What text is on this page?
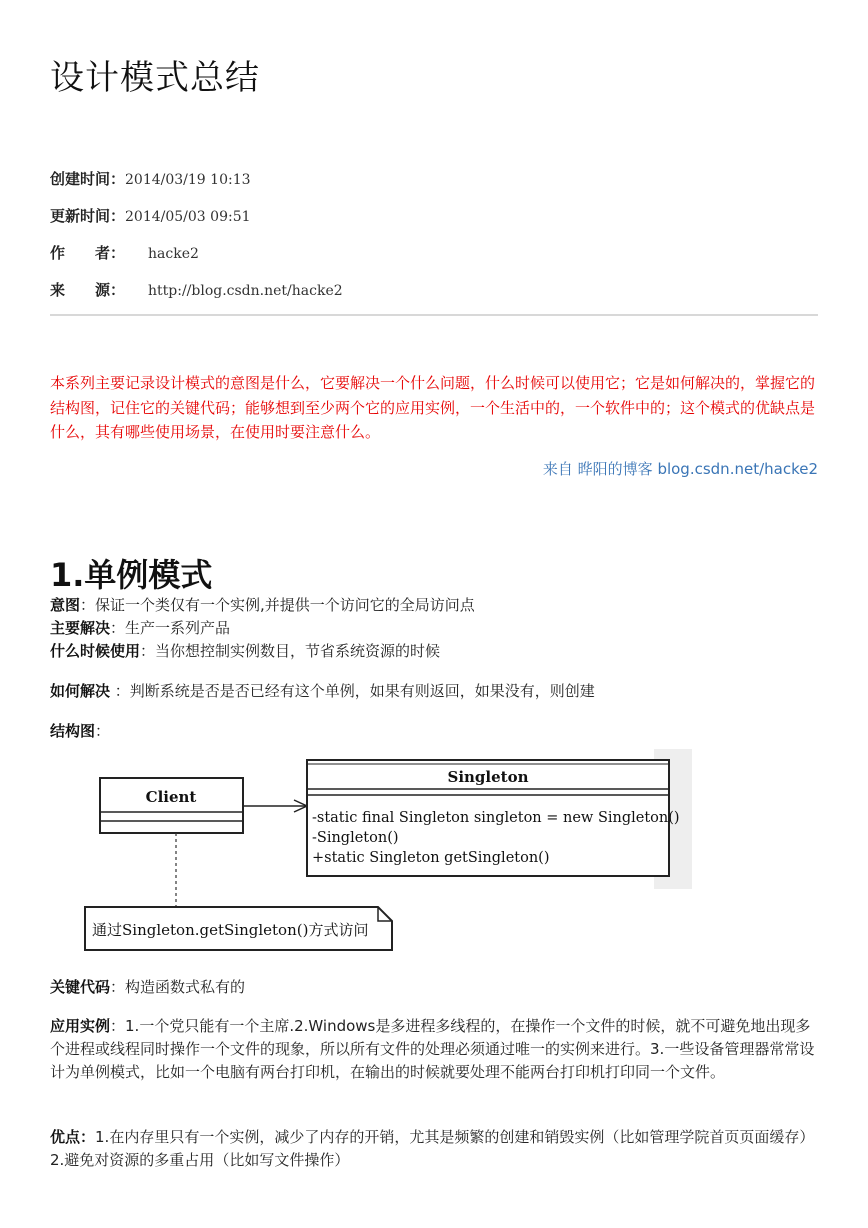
设计模式总结
创建时间：2014/03/19 10:13
更新时间：2014/05/03 09:51
作　　者： hacke2
来　　源： http://blog.csdn.net/hacke2
本系列主要记录设计模式的意图是什么，它要解决一个什么问题，什么时候可以使用它；它是如何解决的，掌握它的结构图，记住它的关键代码；能够想到至少两个它的应用实例，一个生活中的，一个软件中的；这个模式的优缺点是什么，其有哪些使用场景，在使用时要注意什么。
来自 晔阳的博客 blog.csdn.net/hacke2
1.单例模式
意图：保证一个类仅有一个实例,并提供一个访问它的全局访问点
主要解决：生产一系列产品
什么时候使用：当你想控制实例数目，节省系统资源的时候
如何解决 ：判断系统是否是否已经有这个单例，如果有则返回，如果没有，则创建
结构图：
Client
Singleton
-static final Singleton singleton = new Singleton()
-Singleton()
+static Singleton getSingleton()
通过Singleton.getSingleton()方式访问
关键代码：构造函数式私有的
应用实例：1.一个党只能有一个主席.2.Windows是多进程多线程的，在操作一个文件的时候，就不可避免地出现多个进程或线程同时操作一个文件的现象，所以所有文件的处理必须通过唯一的实例来进行。3.一些设备管理器常常设计为单例模式，比如一个电脑有两台打印机，在输出的时候就要处理不能两台打印机打印同一个文件。
优点：1.在内存里只有一个实例，减少了内存的开销，尤其是频繁的创建和销毁实例（比如管理学院首页页面缓存） 2.避免对资源的多重占用（比如写文件操作）
